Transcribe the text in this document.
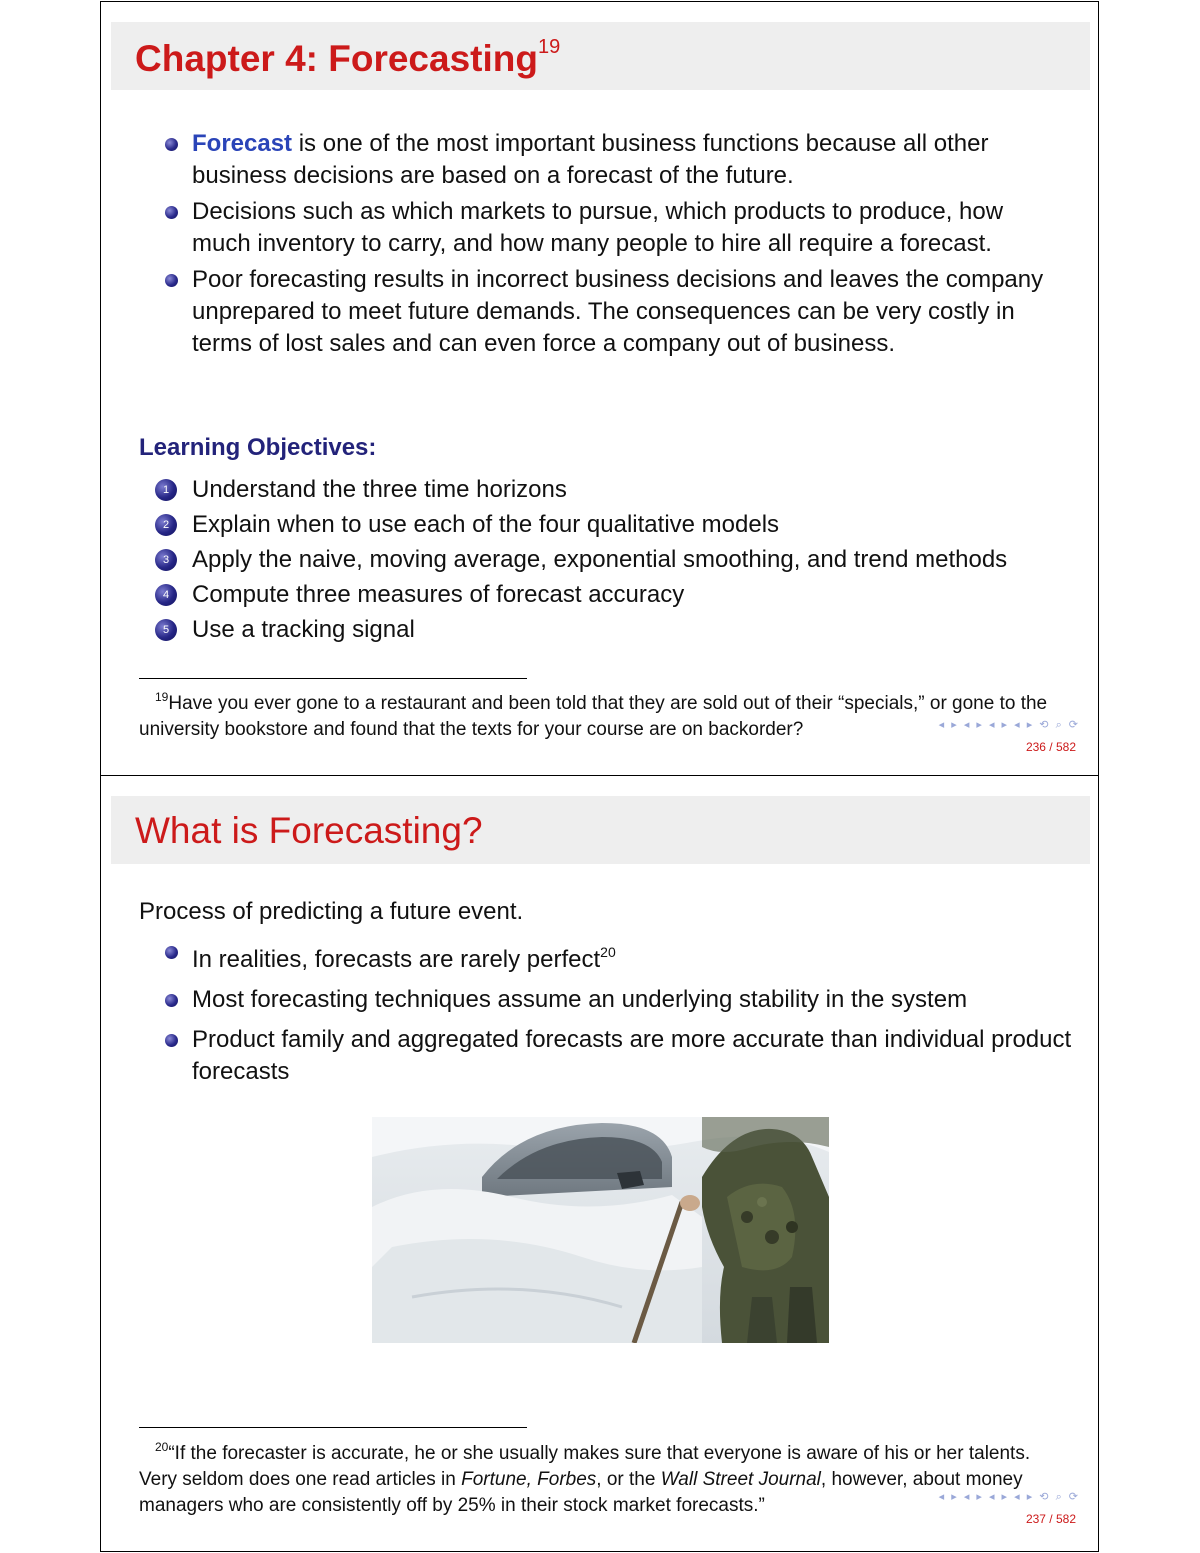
Chapter 4: Forecasting$^{19}$
Forecast is one of the most important business functions because all other business decisions are based on a forecast of the future.
Decisions such as which markets to pursue, which products to produce, how much inventory to carry, and how many people to hire all require a forecast.
Poor forecasting results in incorrect business decisions and leaves the company unprepared to meet future demands. The consequences can be very costly in terms of lost sales and can even force a company out of business.
Learning Objectives:
1 Understand the three time horizons
2 Explain when to use each of the four qualitative models
3 Apply the naive, moving average, exponential smoothing, and trend methods
4 Compute three measures of forecast accuracy
5 Use a tracking signal
$^{19}$Have you ever gone to a restaurant and been told that they are sold out of their “specials,” or gone to the university bookstore and found that the texts for your course are on backorder?	◂ ▸ ◂ ▸ ◂ ▸ ◂ ▸ ⟲ ⌕ ⟳
236 / 582
What is Forecasting?
Process of predicting a future event.
In realities, forecasts are rarely perfect$^{20}$
Most forecasting techniques assume an underlying stability in the system
Product family and aggregated forecasts are more accurate than individual product forecasts
$^{20}$“If the forecaster is accurate, he or she usually makes sure that everyone is aware of his or her talents. Very seldom does one read articles in Fortune, Forbes, or the Wall Street Journal, however, about money managers who are consistently off by 25% in their stock market forecasts.”	◂ ▸ ◂ ▸ ◂ ▸ ◂ ▸ ⟲ ⌕ ⟳
237 / 582
